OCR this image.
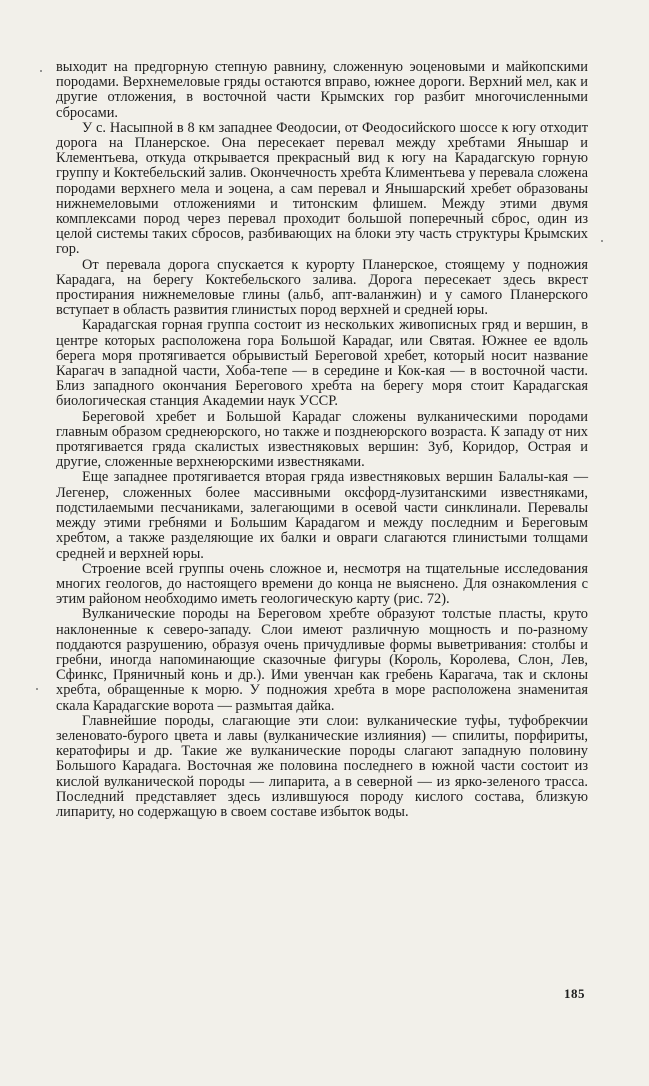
выходит на предгорную степную равнину, сложенную эоценовыми и майкопскими породами. Верхнемеловые гряды остаются вправо, южнее дороги. Верхний мел, как и другие отложения, в восточной части Крымских гор разбит многочисленными сбросами.

У с. Насыпной в 8 км западнее Феодосии, от Феодосийского шоссе к югу отходит дорога на Планерское. Она пересекает перевал между хребтами Янышар и Клементьева, откуда открывается прекрасный вид к югу на Карадагскую горную группу и Коктебельский залив. Окончечность хребта Климентьева у перевала сложена породами верхнего мела и эоцена, а сам перевал и Янышарский хребет образованы нижнемеловыми отложениями и титонским флишем. Между этими двумя комплексами пород через перевал проходит большой поперечный сброс, один из целой системы таких сбросов, разбивающих на блоки эту часть структуры Крымских гор.

От перевала дорога спускается к курорту Планерское, стоящему у подножия Карадага, на берегу Коктебельского залива. Дорога пересекает здесь вкрест простирания нижнемеловые глины (альб, апт-валанжин) и у самого Планерского вступает в область развития глинистых пород верхней и средней юры.

Карадагская горная группа состоит из нескольких живописных гряд и вершин, в центре которых расположена гора Большой Карадаг, или Святая. Южнее ее вдоль берега моря протягивается обрывистый Береговой хребет, который носит название Карагач в западной части, Хоба-тепе — в середине и Кок-кая — в восточной части. Близ западного окончания Берегового хребта на берегу моря стоит Карадагская биологическая станция Академии наук УССР.

Береговой хребет и Большой Карадаг сложены вулканическими породами главным образом среднеюрского, но также и позднеюрского возраста. К западу от них протягивается гряда скалистых известняковых вершин: Зуб, Коридор, Острая и другие, сложенные верхнеюрскими известняками.

Еще западнее протягивается вторая гряда известняковых вершин Балалы-кая — Легенер, сложенных более массивными оксфорд-лузитанскими известняками, подстилаемыми песчаниками, залегающими в осевой части синклинали. Перевалы между этими гребнями и Большим Карадагом и между последним и Береговым хребтом, а также разделяющие их балки и овраги слагаются глинистыми толщами средней и верхней юры.

Строение всей группы очень сложное и, несмотря на тщательные исследования многих геологов, до настоящего времени до конца не выяснено. Для ознакомления с этим районом необходимо иметь геологическую карту (рис. 72).

Вулканические породы на Береговом хребте образуют толстые пласты, круто наклоненные к северо-западу. Слои имеют различную мощность и по-разному поддаются разрушению, образуя очень причудливые формы выветривания: столбы и гребни, иногда напоминающие сказочные фигуры (Король, Королева, Слон, Лев, Сфинкс, Пряничный конь и др.). Ими увенчан как гребень Карагача, так и склоны хребта, обращенные к морю. У подножия хребта в море расположена знаменитая скала Карадагские ворота — размытая дайка.

Главнейшие породы, слагающие эти слои: вулканические туфы, туфобрекчии зеленовато-бурого цвета и лавы (вулканические излияния) — спилиты, порфириты, кератофиры и др. Такие же вулканические породы слагают западную половину Большого Карадага. Восточная же половина последнего в южной части состоит из кислой вулканической породы — липарита, а в северной — из ярко-зеленого трасса. Последний представляет здесь излившуюся породу кислого состава, близкую липариту, но содержащую в своем составе избыток воды.

185
